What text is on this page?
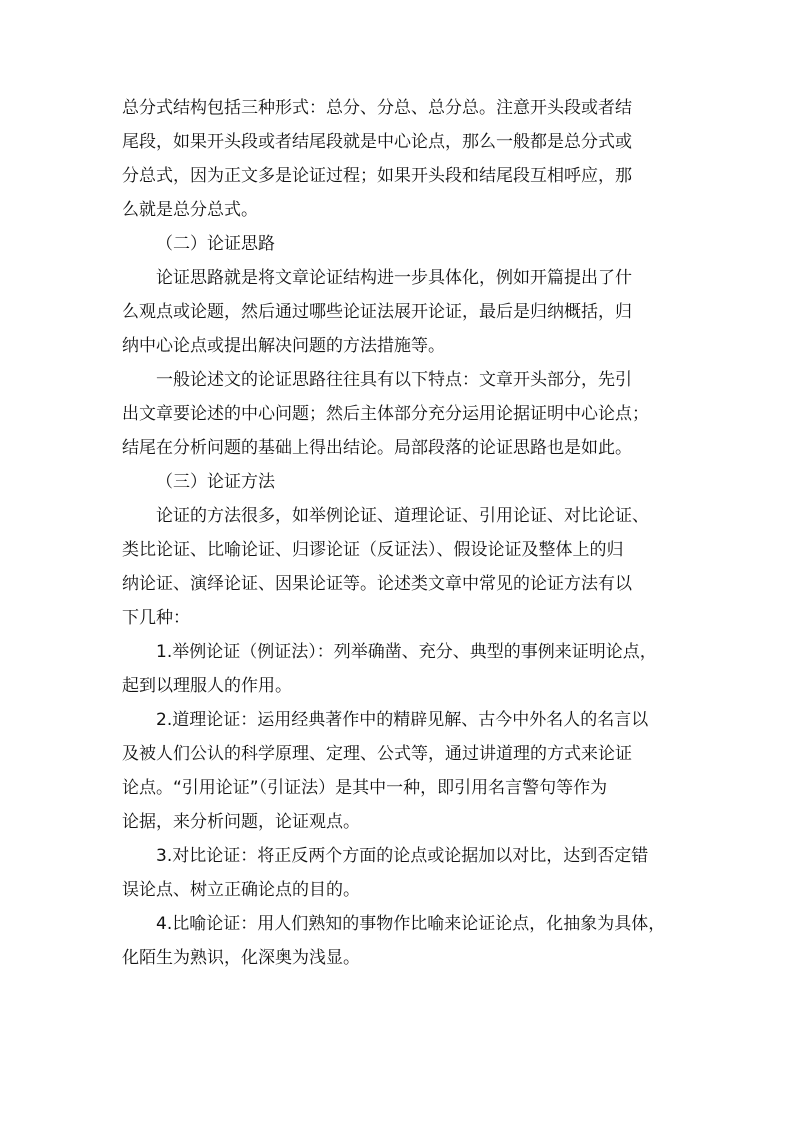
总分式结构包括三种形式：总分、分总、总分总。注意开头段或者结
尾段，如果开头段或者结尾段就是中心论点，那么一般都是总分式或
分总式，因为正文多是论证过程；如果开头段和结尾段互相呼应，那
么就是总分总式。
（二）论证思路
论证思路就是将文章论证结构进一步具体化，例如开篇提出了什
么观点或论题，然后通过哪些论证法展开论证，最后是归纳概括，归
纳中心论点或提出解决问题的方法措施等。
一般论述文的论证思路往往具有以下特点：文章开头部分，先引
出文章要论述的中心问题；然后主体部分充分运用论据证明中心论点；
结尾在分析问题的基础上得出结论。局部段落的论证思路也是如此。
（三）论证方法
论证的方法很多，如举例论证、道理论证、引用论证、对比论证、
类比论证、比喻论证、归谬论证（反证法）、假设论证及整体上的归
纳论证、演绎论证、因果论证等。论述类文章中常见的论证方法有以
下几种：
1.举例论证（例证法）：列举确凿、充分、典型的事例来证明论点，
起到以理服人的作用。
2.道理论证：运用经典著作中的精辟见解、古今中外名人的名言以
及被人们公认的科学原理、定理、公式等，通过讲道理的方式来论证
论点。“引用论证”（引证法）是其中一种，即引用名言警句等作为
论据，来分析问题，论证观点。
3.对比论证：将正反两个方面的论点或论据加以对比，达到否定错
误论点、树立正确论点的目的。
4.比喻论证：用人们熟知的事物作比喻来论证论点，化抽象为具体，
化陌生为熟识，化深奥为浅显。
